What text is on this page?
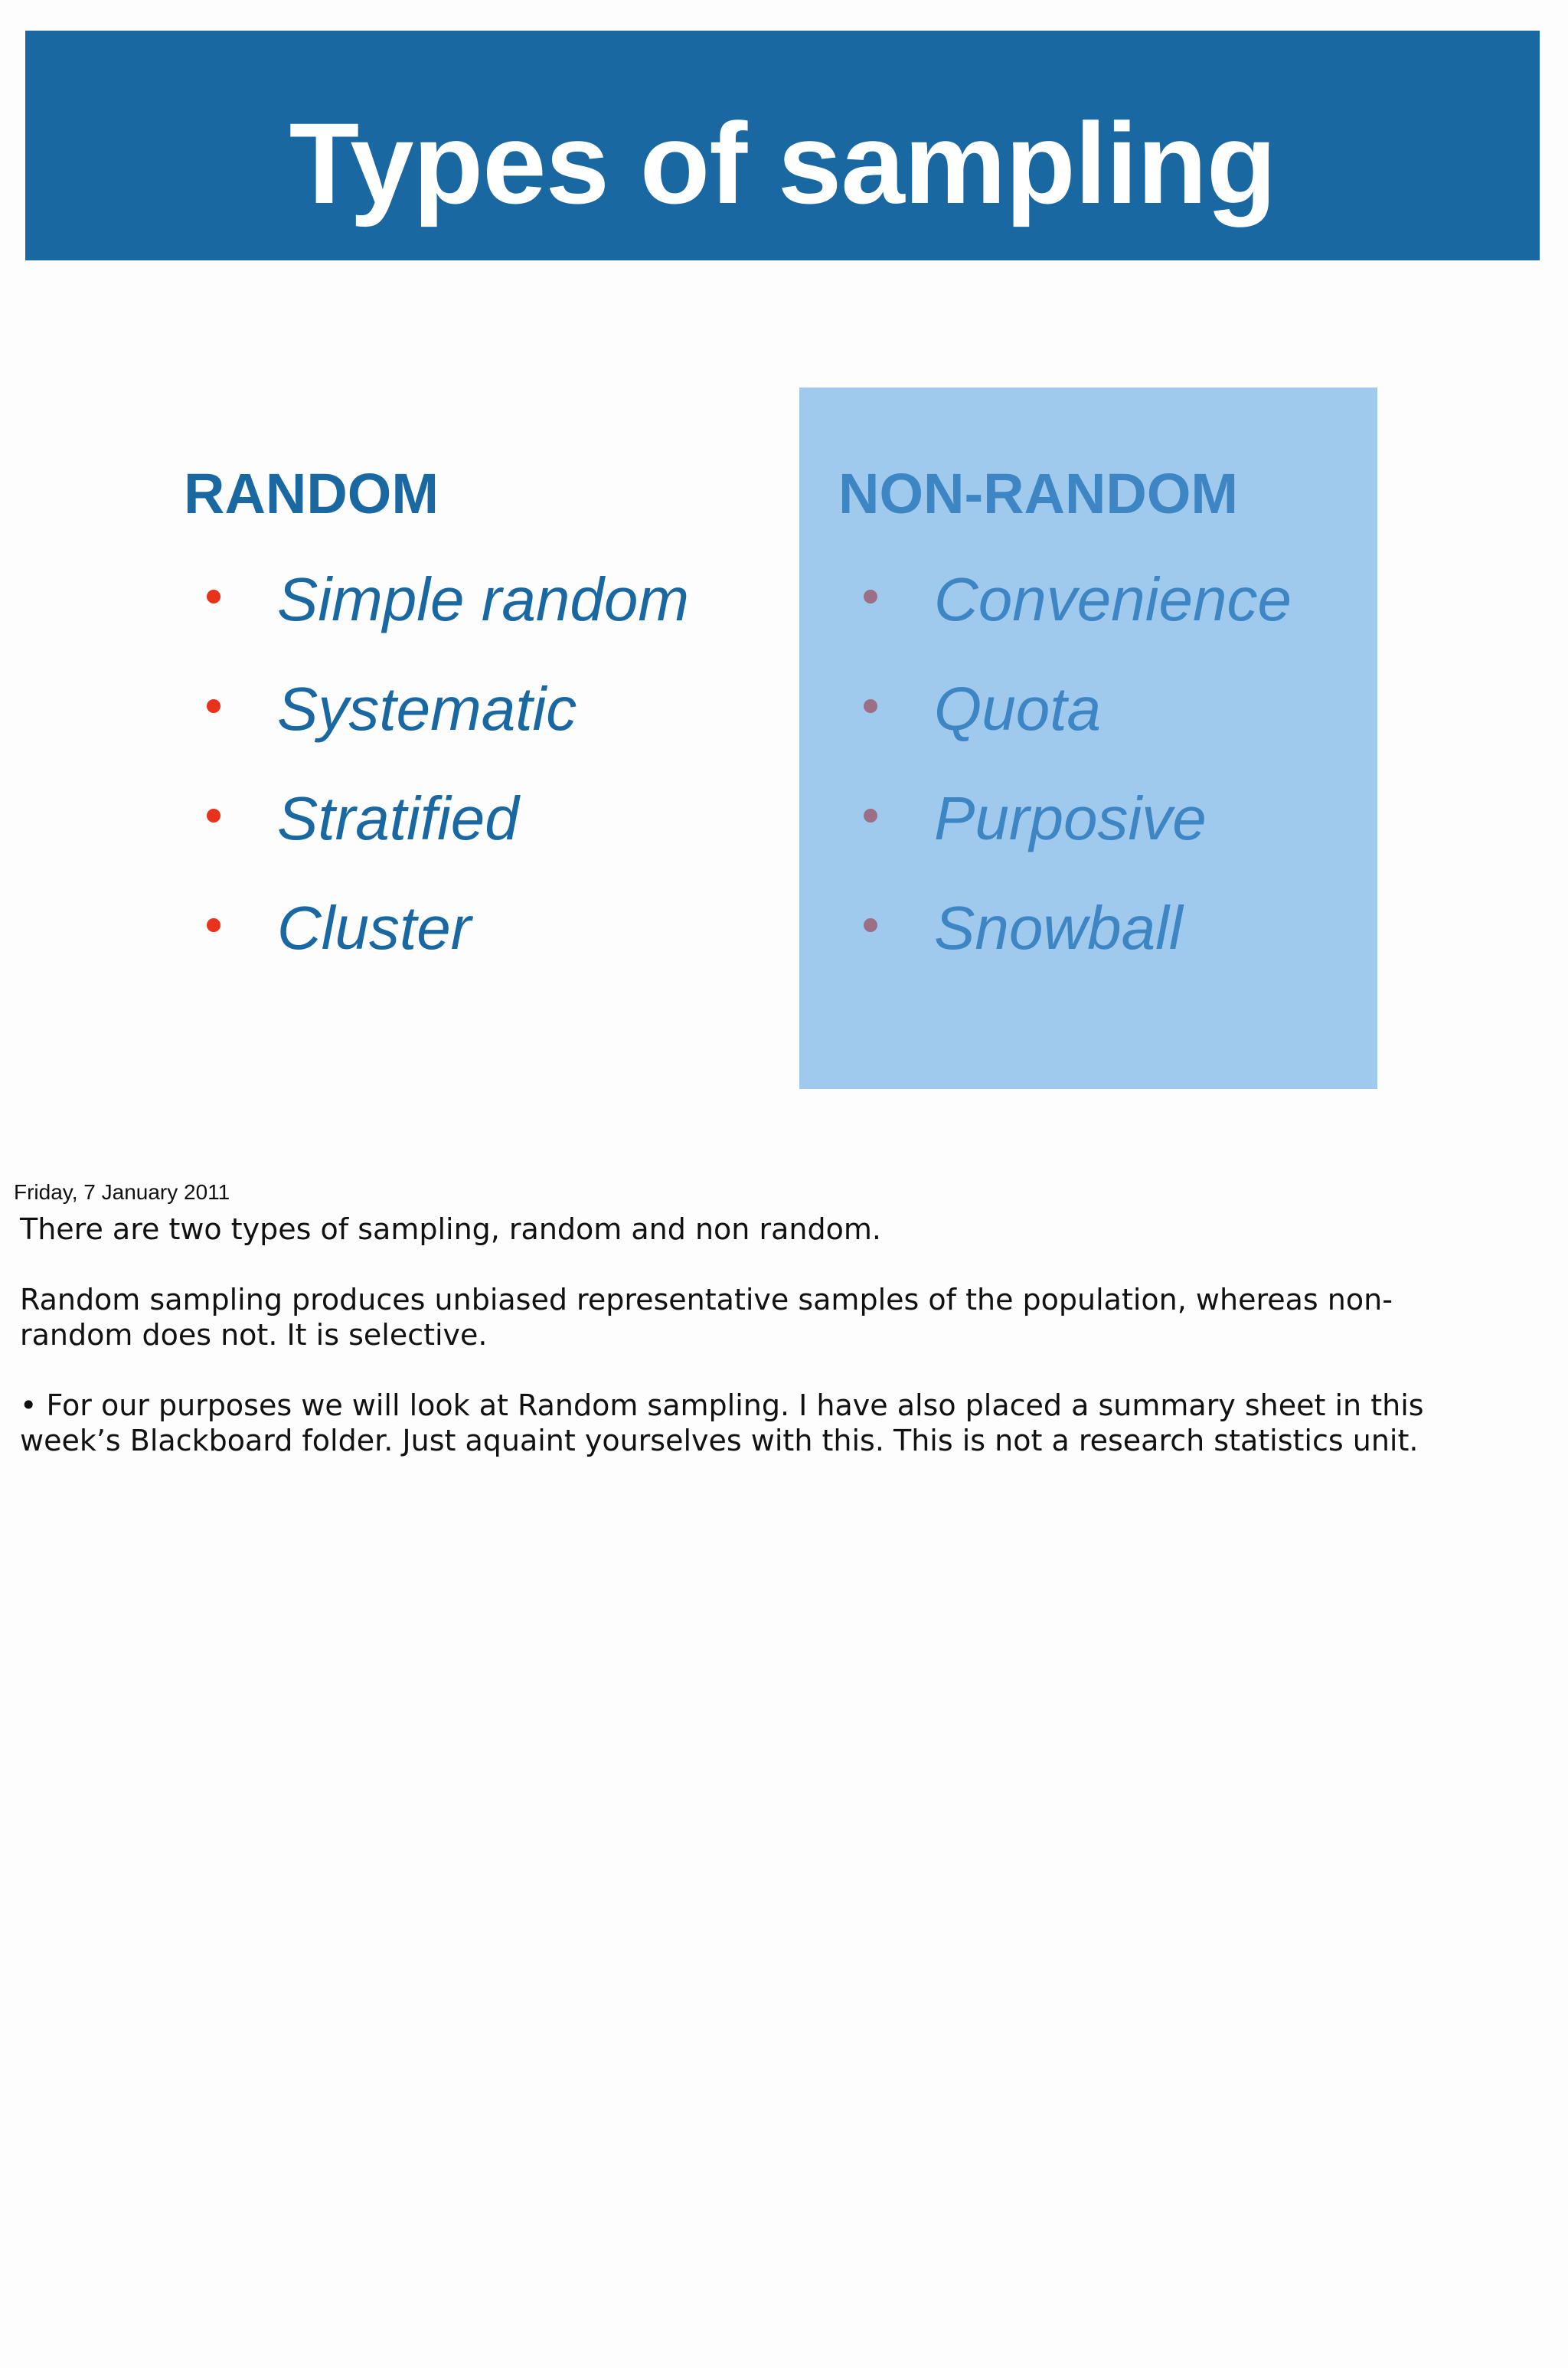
Types of sampling
RANDOM
Simple random
Systematic
Stratified
Cluster
NON-RANDOM
Convenience
Quota
Purposive
Snowball
Friday, 7 January 2011

There are two types of sampling, random and non random.

Random sampling produces unbiased representative samples of the population, whereas non-
random does not. It is selective.

• For our purposes we will look at Random sampling. I have also placed a summary sheet in this
week’s Blackboard folder. Just aquaint yourselves with this. This is not a research statistics unit.
